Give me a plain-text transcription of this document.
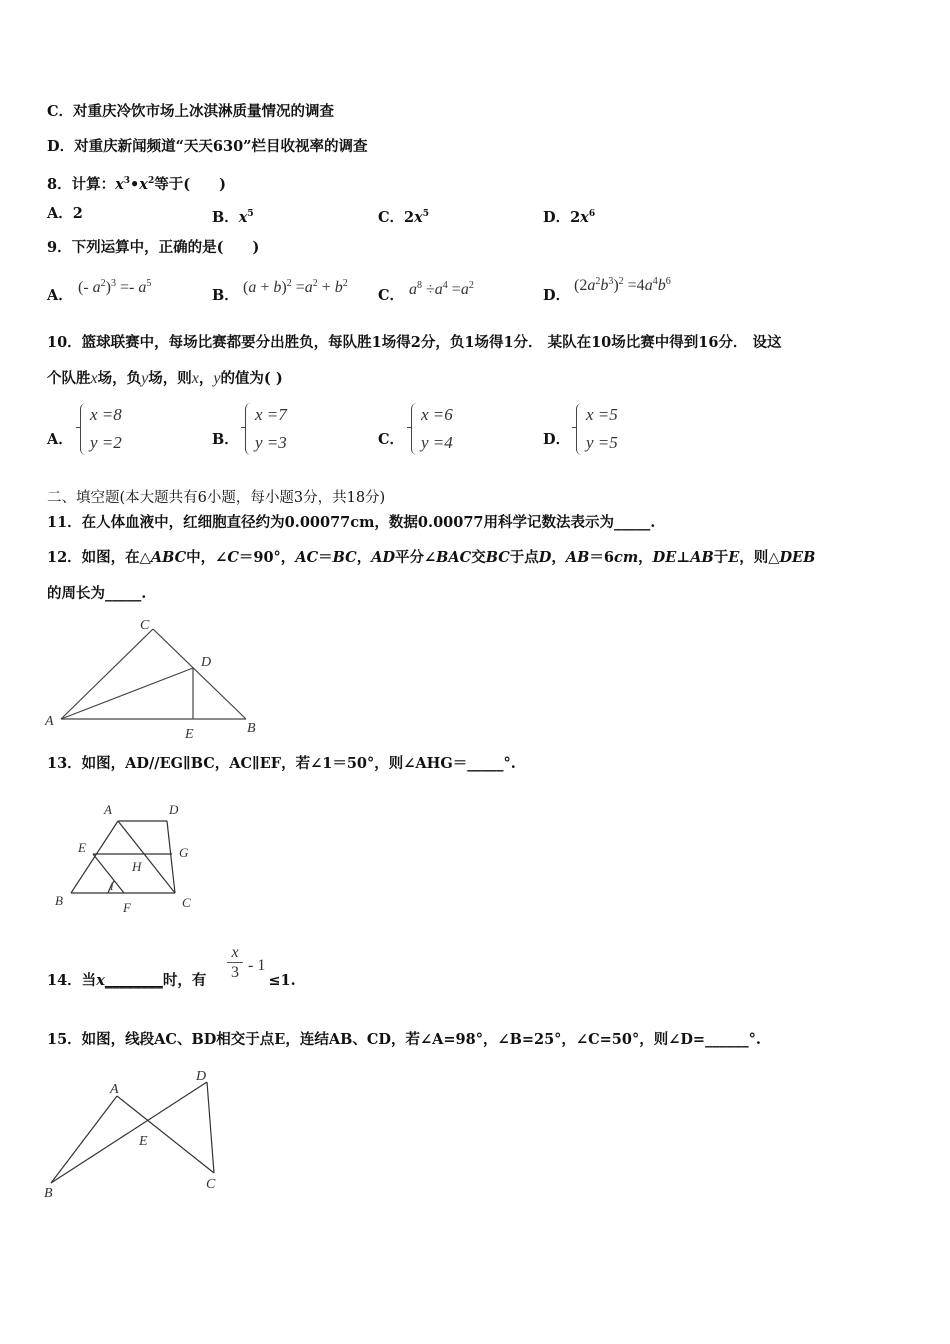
C．对重庆冷饮市场上冰淇淋质量情况的调查
D．对重庆新闻频道“天天630”栏目收视率的调查
8．计算：$x^3•x^2$等于(　　)
A．2	B．$x^5$	C．$2x^5$	D．$2x^6$
9．下列运算中，正确的是(　　)
A． (- $a^2)^3 =- a^5$
B． $(a + b)^2 =a^2 + b^2$
C． $a^8 \div a^4 =a^2$
D．
$(2a^2b^3)^2 =4a^4b^6$
10．篮球联赛中，每场比赛都要分出胜负，每队胜1场得2分，负1场得1分． 某队在10场比赛中得到16分． 设这
个队胜x场，负y场，则x，y的值为( )
A．
x =8
y =2	B．
x =7
y =3	C．
x =6
y =4	D．
x =5
y =5
二、填空题(本大题共有6小题，每小题3分，共18分)
11．在人体血液中，红细胞直径约为0.00077cm，数据0.00077用科学记数法表示为_____.
12．如图，在△ABC中，∠C＝90°，AC＝BC，AD平分∠BAC交BC于点D，AB＝6cm，DE⊥AB于E，则△DEB
的周长为_____.
C
D
A
E	B
13．如图，AD//EG∥BC，AC∥EF，若∠1＝50°，则∠AHG＝_____°.
A	D
E	G
H
B	F	C
1
14．当x________时，有	≤1.
$\frac{x}{3} - 1$
15．如图，线段AC、BD相交于点E，连结AB、CD，若∠A=98°，∠B=25°，∠C=50°，则∠D=______°.
A
D
E
B
C
